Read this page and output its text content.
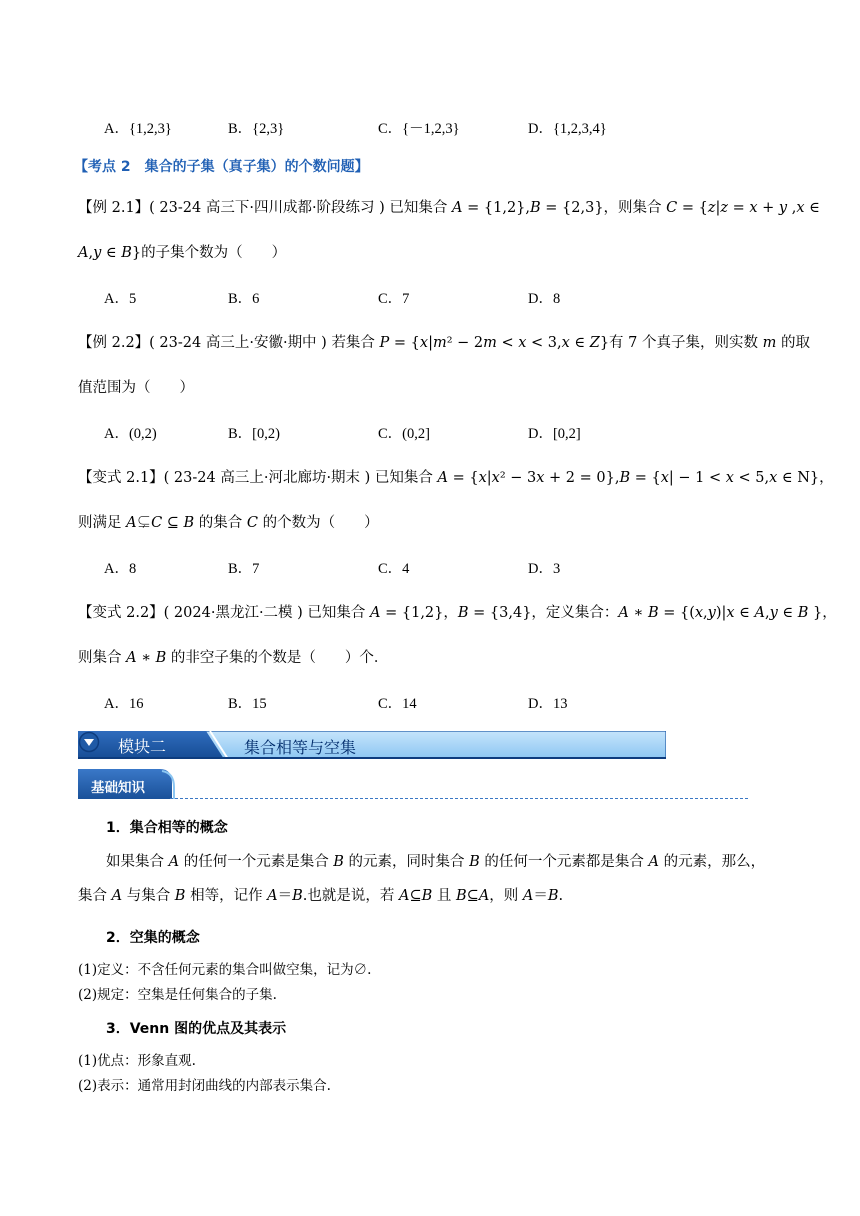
A．{1,2,3}	B．{2,3}	C．{－1,2,3}	D．{1,2,3,4}
【考点 2　集合的子集（真子集）的个数问题】
【例 2.1】( 23-24 高三下·四川成都·阶段练习 ) 已知集合 𝐴 = {1,2},𝐵 = {2,3}，则集合 𝐶 = {𝑧|𝑧 = 𝑥 + 𝑦 ,𝑥 ∈
𝐴,𝑦 ∈ 𝐵}的子集个数为（　　）
A．5	B．6	C．7	D．8
【例 2.2】( 23-24 高三上·安徽·期中 ) 若集合 𝑃 = {𝑥|𝑚² − 2𝑚 < 𝑥 < 3,𝑥 ∈ 𝑍}有 7 个真子集，则实数 𝑚 的取
值范围为（　　）
A．(0,2)	B．[0,2)	C．(0,2]	D．[0,2]
【变式 2.1】( 23-24 高三上·河北廊坊·期末 ) 已知集合 𝐴 = {𝑥|𝑥² − 3𝑥 + 2 = 0},𝐵 = {𝑥| − 1 < 𝑥 < 5,𝑥 ∈ N}，
则满足 𝐴⊊𝐶 ⊆ 𝐵 的集合 𝐶 的个数为（　　）
A．8	B．7	C．4	D．3
【变式 2.2】( 2024·黑龙江·二模 ) 已知集合 𝐴 = {1,2}，𝐵 = {3,4}，定义集合：𝐴 ∗ 𝐵 = {(𝑥,𝑦)|𝑥 ∈ 𝐴,𝑦 ∈ 𝐵 }，
则集合 𝐴 ∗ 𝐵 的非空子集的个数是（　　）个．
A．16	B．15	C．14	D．13
模块二	集合相等与空集
基础知识
1．集合相等的概念
如果集合 𝐴 的任何一个元素是集合 𝐵 的元素，同时集合 𝐵 的任何一个元素都是集合 𝐴 的元素，那么，
集合 𝐴 与集合 𝐵 相等，记作 𝐴＝𝐵.也就是说，若 𝐴⊆𝐵 且 𝐵⊆𝐴，则 𝐴＝𝐵.
2．空集的概念
(1)定义：不含任何元素的集合叫做空集，记为∅.
(2)规定：空集是任何集合的子集.
3．Venn 图的优点及其表示
(1)优点：形象直观.
(2)表示：通常用封闭曲线的内部表示集合.
